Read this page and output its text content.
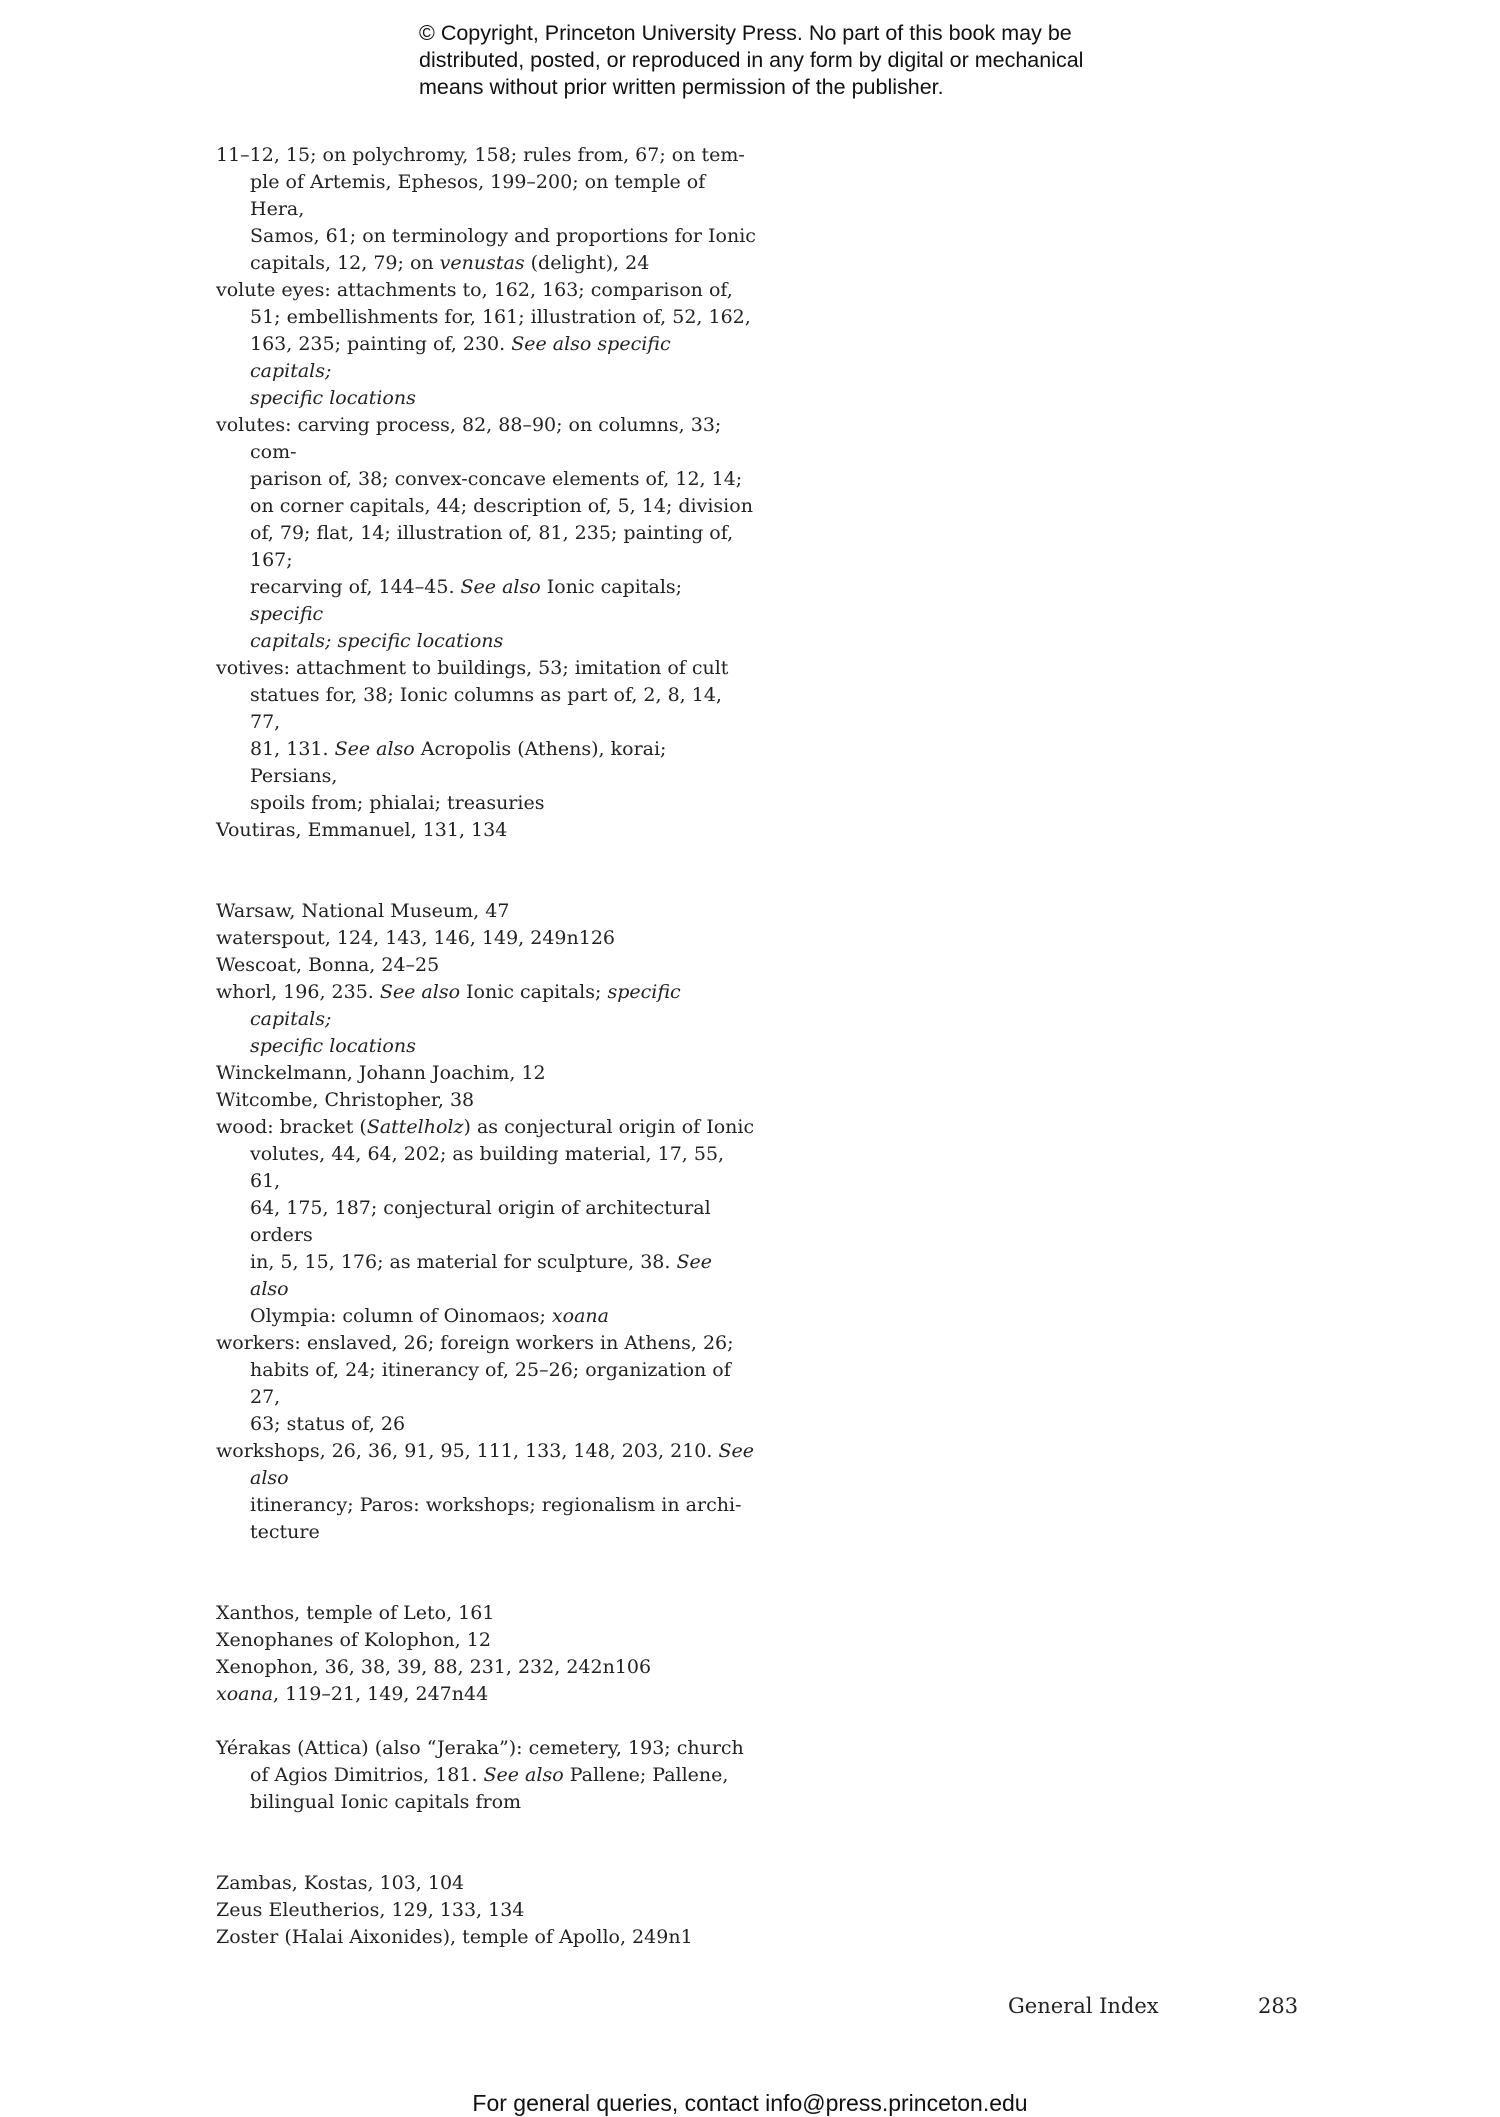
© Copyright, Princeton University Press. No part of this book may be distributed, posted, or reproduced in any form by digital or mechanical means without prior written permission of the publisher.
11–12, 15; on polychromy, 158; rules from, 67; on tem-
ple of Artemis, Ephesos, 199–200; on temple of Hera,
Samos, 61; on terminology and proportions for Ionic
capitals, 12, 79; on venustas (delight), 24
volute eyes: attachments to, 162, 163; comparison of,
51; embellishments for, 161; illustration of, 52, 162,
163, 235; painting of, 230. See also specific capitals;
specific locations
volutes: carving process, 82, 88–90; on columns, 33; com-
parison of, 38; convex-concave elements of, 12, 14;
on corner capitals, 44; description of, 5, 14; division
of, 79; flat, 14; illustration of, 81, 235; painting of, 167;
recarving of, 144–45. See also Ionic capitals; specific
capitals; specific locations
votives: attachment to buildings, 53; imitation of cult
statues for, 38; Ionic columns as part of, 2, 8, 14, 77,
81, 131. See also Acropolis (Athens), korai; Persians,
spoils from; phialai; treasuries
Voutiras, Emmanuel, 131, 134
Warsaw, National Museum, 47
waterspout, 124, 143, 146, 149, 249n126
Wescoat, Bonna, 24–25
whorl, 196, 235. See also Ionic capitals; specific capitals;
specific locations
Winckelmann, Johann Joachim, 12
Witcombe, Christopher, 38
wood: bracket (Sattelholz) as conjectural origin of Ionic
volutes, 44, 64, 202; as building material, 17, 55, 61,
64, 175, 187; conjectural origin of architectural orders
in, 5, 15, 176; as material for sculpture, 38. See also
Olympia: column of Oinomaos; xoana
workers: enslaved, 26; foreign workers in Athens, 26;
habits of, 24; itinerancy of, 25–26; organization of 27,
63; status of, 26
workshops, 26, 36, 91, 95, 111, 133, 148, 203, 210. See also
itinerancy; Paros: workshops; regionalism in archi-
tecture
Xanthos, temple of Leto, 161
Xenophanes of Kolophon, 12
Xenophon, 36, 38, 39, 88, 231, 232, 242n106
xoana, 119–21, 149, 247n44
Yérakas (Attica) (also “Jeraka”): cemetery, 193; church
of Agios Dimitrios, 181. See also Pallene; Pallene,
bilingual Ionic capitals from
Zambas, Kostas, 103, 104
Zeus Eleutherios, 129, 133, 134
Zoster (Halai Aixonides), temple of Apollo, 249n1
General Index	283
For general queries, contact info@press.princeton.edu
